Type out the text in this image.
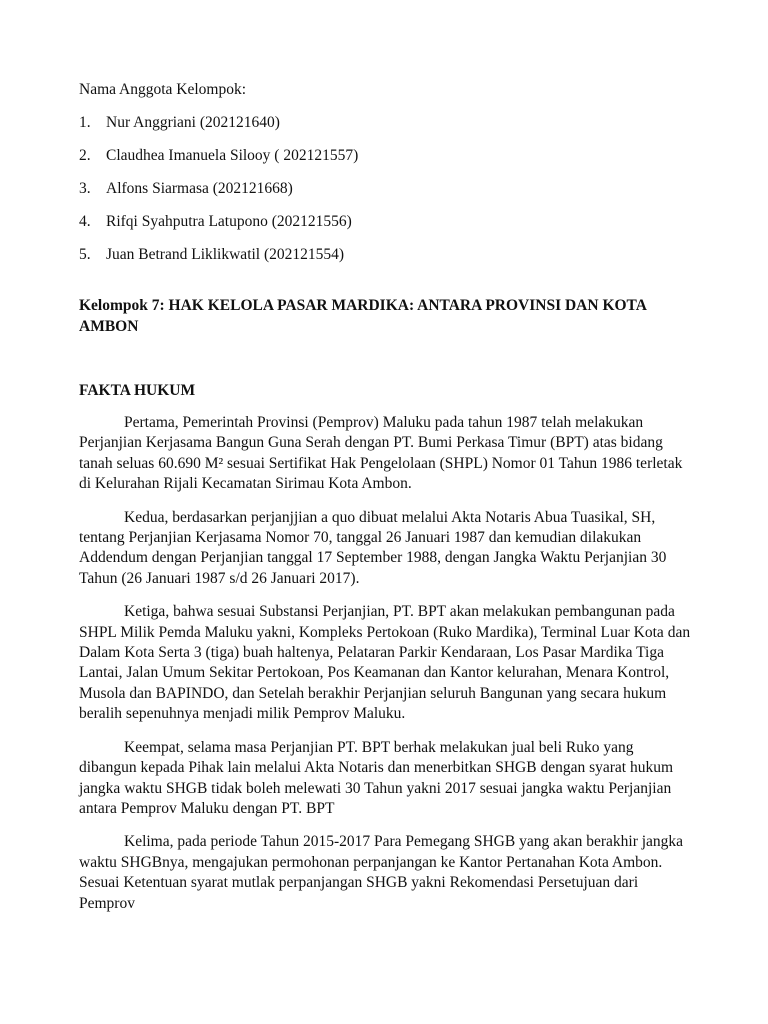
Nama Anggota Kelompok:

1. Nur Anggriani (202121640)
2. Claudhea Imanuela Silooy ( 202121557)
3. Alfons Siarmasa (202121668)
4. Rifqi Syahputra Latupono (202121556)
5. Juan Betrand Liklikwatil (202121554)

Kelompok 7: HAK KELOLA PASAR MARDIKA: ANTARA PROVINSI DAN KOTA AMBON

FAKTA HUKUM

Pertama, Pemerintah Provinsi (Pemprov) Maluku pada tahun 1987 telah melakukan Perjanjian Kerjasama Bangun Guna Serah dengan PT. Bumi Perkasa Timur (BPT) atas bidang tanah seluas 60.690 M² sesuai Sertifikat Hak Pengelolaan (SHPL) Nomor 01 Tahun 1986 terletak di Kelurahan Rijali Kecamatan Sirimau Kota Ambon.

Kedua, berdasarkan perjanjjian a quo dibuat melalui Akta Notaris Abua Tuasikal, SH, tentang Perjanjian Kerjasama Nomor 70, tanggal 26 Januari 1987 dan kemudian dilakukan Addendum dengan Perjanjian tanggal 17 September 1988, dengan Jangka Waktu Perjanjian 30 Tahun (26 Januari 1987 s/d 26 Januari 2017).

Ketiga, bahwa sesuai Substansi Perjanjian, PT. BPT akan melakukan pembangunan pada SHPL Milik Pemda Maluku yakni, Kompleks Pertokoan (Ruko Mardika), Terminal Luar Kota dan Dalam Kota Serta 3 (tiga) buah haltenya, Pelataran Parkir Kendaraan, Los Pasar Mardika Tiga Lantai, Jalan Umum Sekitar Pertokoan, Pos Keamanan dan Kantor kelurahan, Menara Kontrol, Musola dan BAPINDO, dan Setelah berakhir Perjanjian seluruh Bangunan yang secara hukum beralih sepenuhnya menjadi milik Pemprov Maluku.

Keempat, selama masa Perjanjian PT. BPT berhak melakukan jual beli Ruko yang dibangun kepada Pihak lain melalui Akta Notaris dan menerbitkan SHGB dengan syarat hukum jangka waktu SHGB tidak boleh melewati 30 Tahun yakni 2017 sesuai jangka waktu Perjanjian antara Pemprov Maluku dengan PT. BPT

Kelima, pada periode Tahun 2015-2017 Para Pemegang SHGB yang akan berakhir jangka waktu SHGBnya, mengajukan permohonan perpanjangan ke Kantor Pertanahan Kota Ambon. Sesuai Ketentuan syarat mutlak perpanjangan SHGB yakni Rekomendasi Persetujuan dari Pemprov
